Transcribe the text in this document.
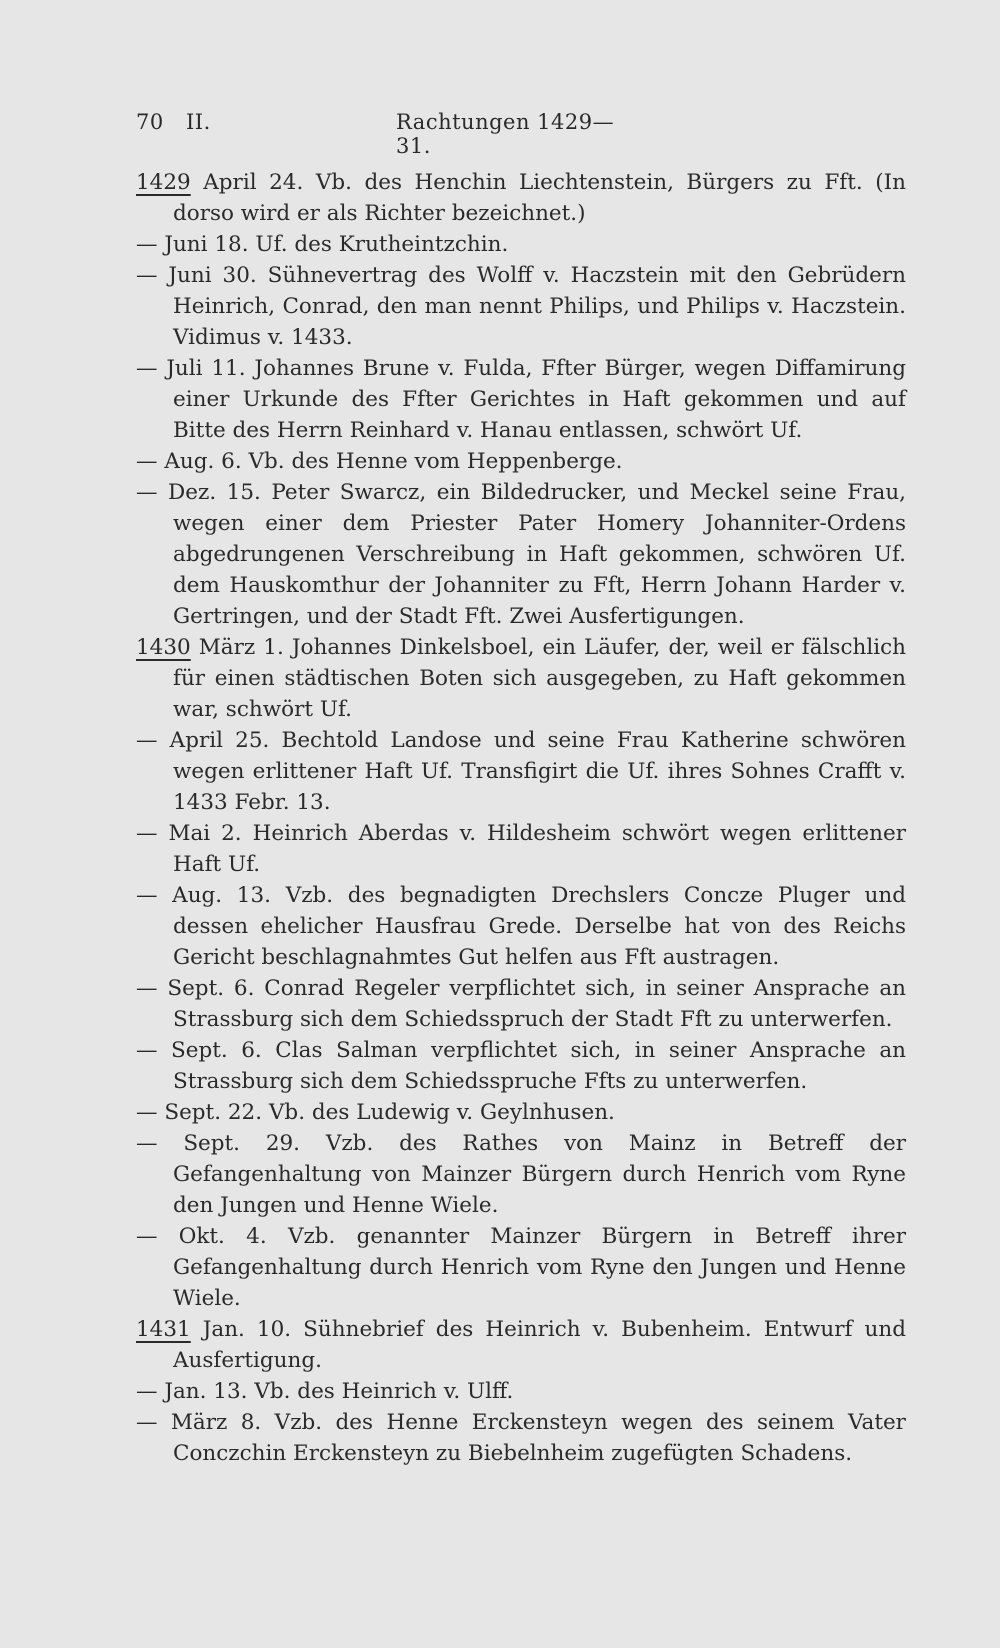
70 II.	Rachtungen 1429—31.
1429 April 24. Vb. des Henchin Liechtenstein, Bürgers zu Fft. (In dorso wird er als Richter bezeichnet.)
— Juni 18. Uf. des Krutheintzchin.
— Juni 30. Sühnevertrag des Wolff v. Haczstein mit den Gebrüdern Heinrich, Conrad, den man nennt Philips, und Philips v. Haczstein. Vidimus v. 1433.
— Juli 11. Johannes Brune v. Fulda, Ffter Bürger, wegen Diffamirung einer Urkunde des Ffter Gerichtes in Haft gekommen und auf Bitte des Herrn Reinhard v. Hanau entlassen, schwört Uf.
— Aug. 6. Vb. des Henne vom Heppenberge.
— Dez. 15. Peter Swarcz, ein Bildedrucker, und Meckel seine Frau, wegen einer dem Priester Pater Homery Johanniter-Ordens abgedrungenen Verschreibung in Haft gekommen, schwören Uf. dem Hauskomthur der Johanniter zu Fft, Herrn Johann Harder v. Gertringen, und der Stadt Fft. Zwei Ausfertigungen.
1430 März 1. Johannes Dinkelsboel, ein Läufer, der, weil er fälschlich für einen städtischen Boten sich ausgegeben, zu Haft gekommen war, schwört Uf.
— April 25. Bechtold Landose und seine Frau Katherine schwören wegen erlittener Haft Uf. Transfigirt die Uf. ihres Sohnes Crafft v. 1433 Febr. 13.
— Mai 2. Heinrich Aberdas v. Hildesheim schwört wegen erlittener Haft Uf.
— Aug. 13. Vzb. des begnadigten Drechslers Concze Pluger und dessen ehelicher Hausfrau Grede. Derselbe hat von des Reichs Gericht beschlagnahmtes Gut helfen aus Fft austragen.
— Sept. 6. Conrad Regeler verpflichtet sich, in seiner Ansprache an Strassburg sich dem Schiedsspruch der Stadt Fft zu unterwerfen.
— Sept. 6. Clas Salman verpflichtet sich, in seiner Ansprache an Strassburg sich dem Schiedsspruche Ffts zu unterwerfen.
— Sept. 22. Vb. des Ludewig v. Geylnhusen.
— Sept. 29. Vzb. des Rathes von Mainz in Betreff der Gefangenhaltung von Mainzer Bürgern durch Henrich vom Ryne den Jungen und Henne Wiele.
— Okt. 4. Vzb. genannter Mainzer Bürgern in Betreff ihrer Gefangenhaltung durch Henrich vom Ryne den Jungen und Henne Wiele.
1431 Jan. 10. Sühnebrief des Heinrich v. Bubenheim. Entwurf und Ausfertigung.
— Jan. 13. Vb. des Heinrich v. Ulff.
— März 8. Vzb. des Henne Erckensteyn wegen des seinem Vater Conczchin Erckensteyn zu Biebelnheim zugefügten Schadens.
